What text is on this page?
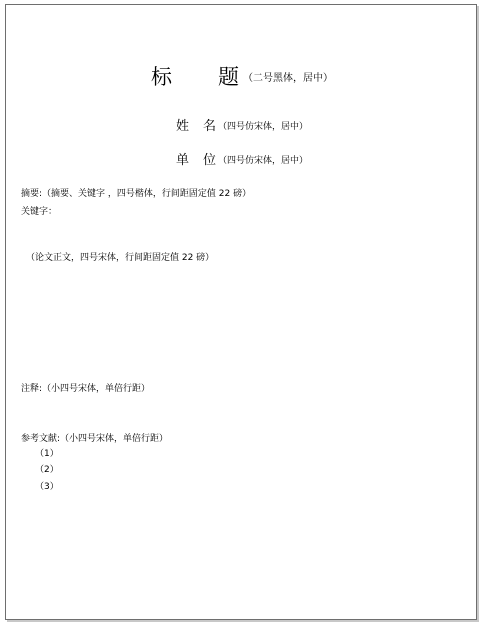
标 题 （二号黑体，居中）
姓 名 （四号仿宋体，居中）
单 位 （四号仿宋体，居中）
摘要:（摘要、关键字 ，四号楷体，行间距固定值 22 磅）
关键字：
（论文正文，四号宋体，行间距固定值 22 磅）
注释:（小四号宋体，单倍行距）
参考文献:（小四号宋体，单倍行距）
（1）
（2）
（3）
